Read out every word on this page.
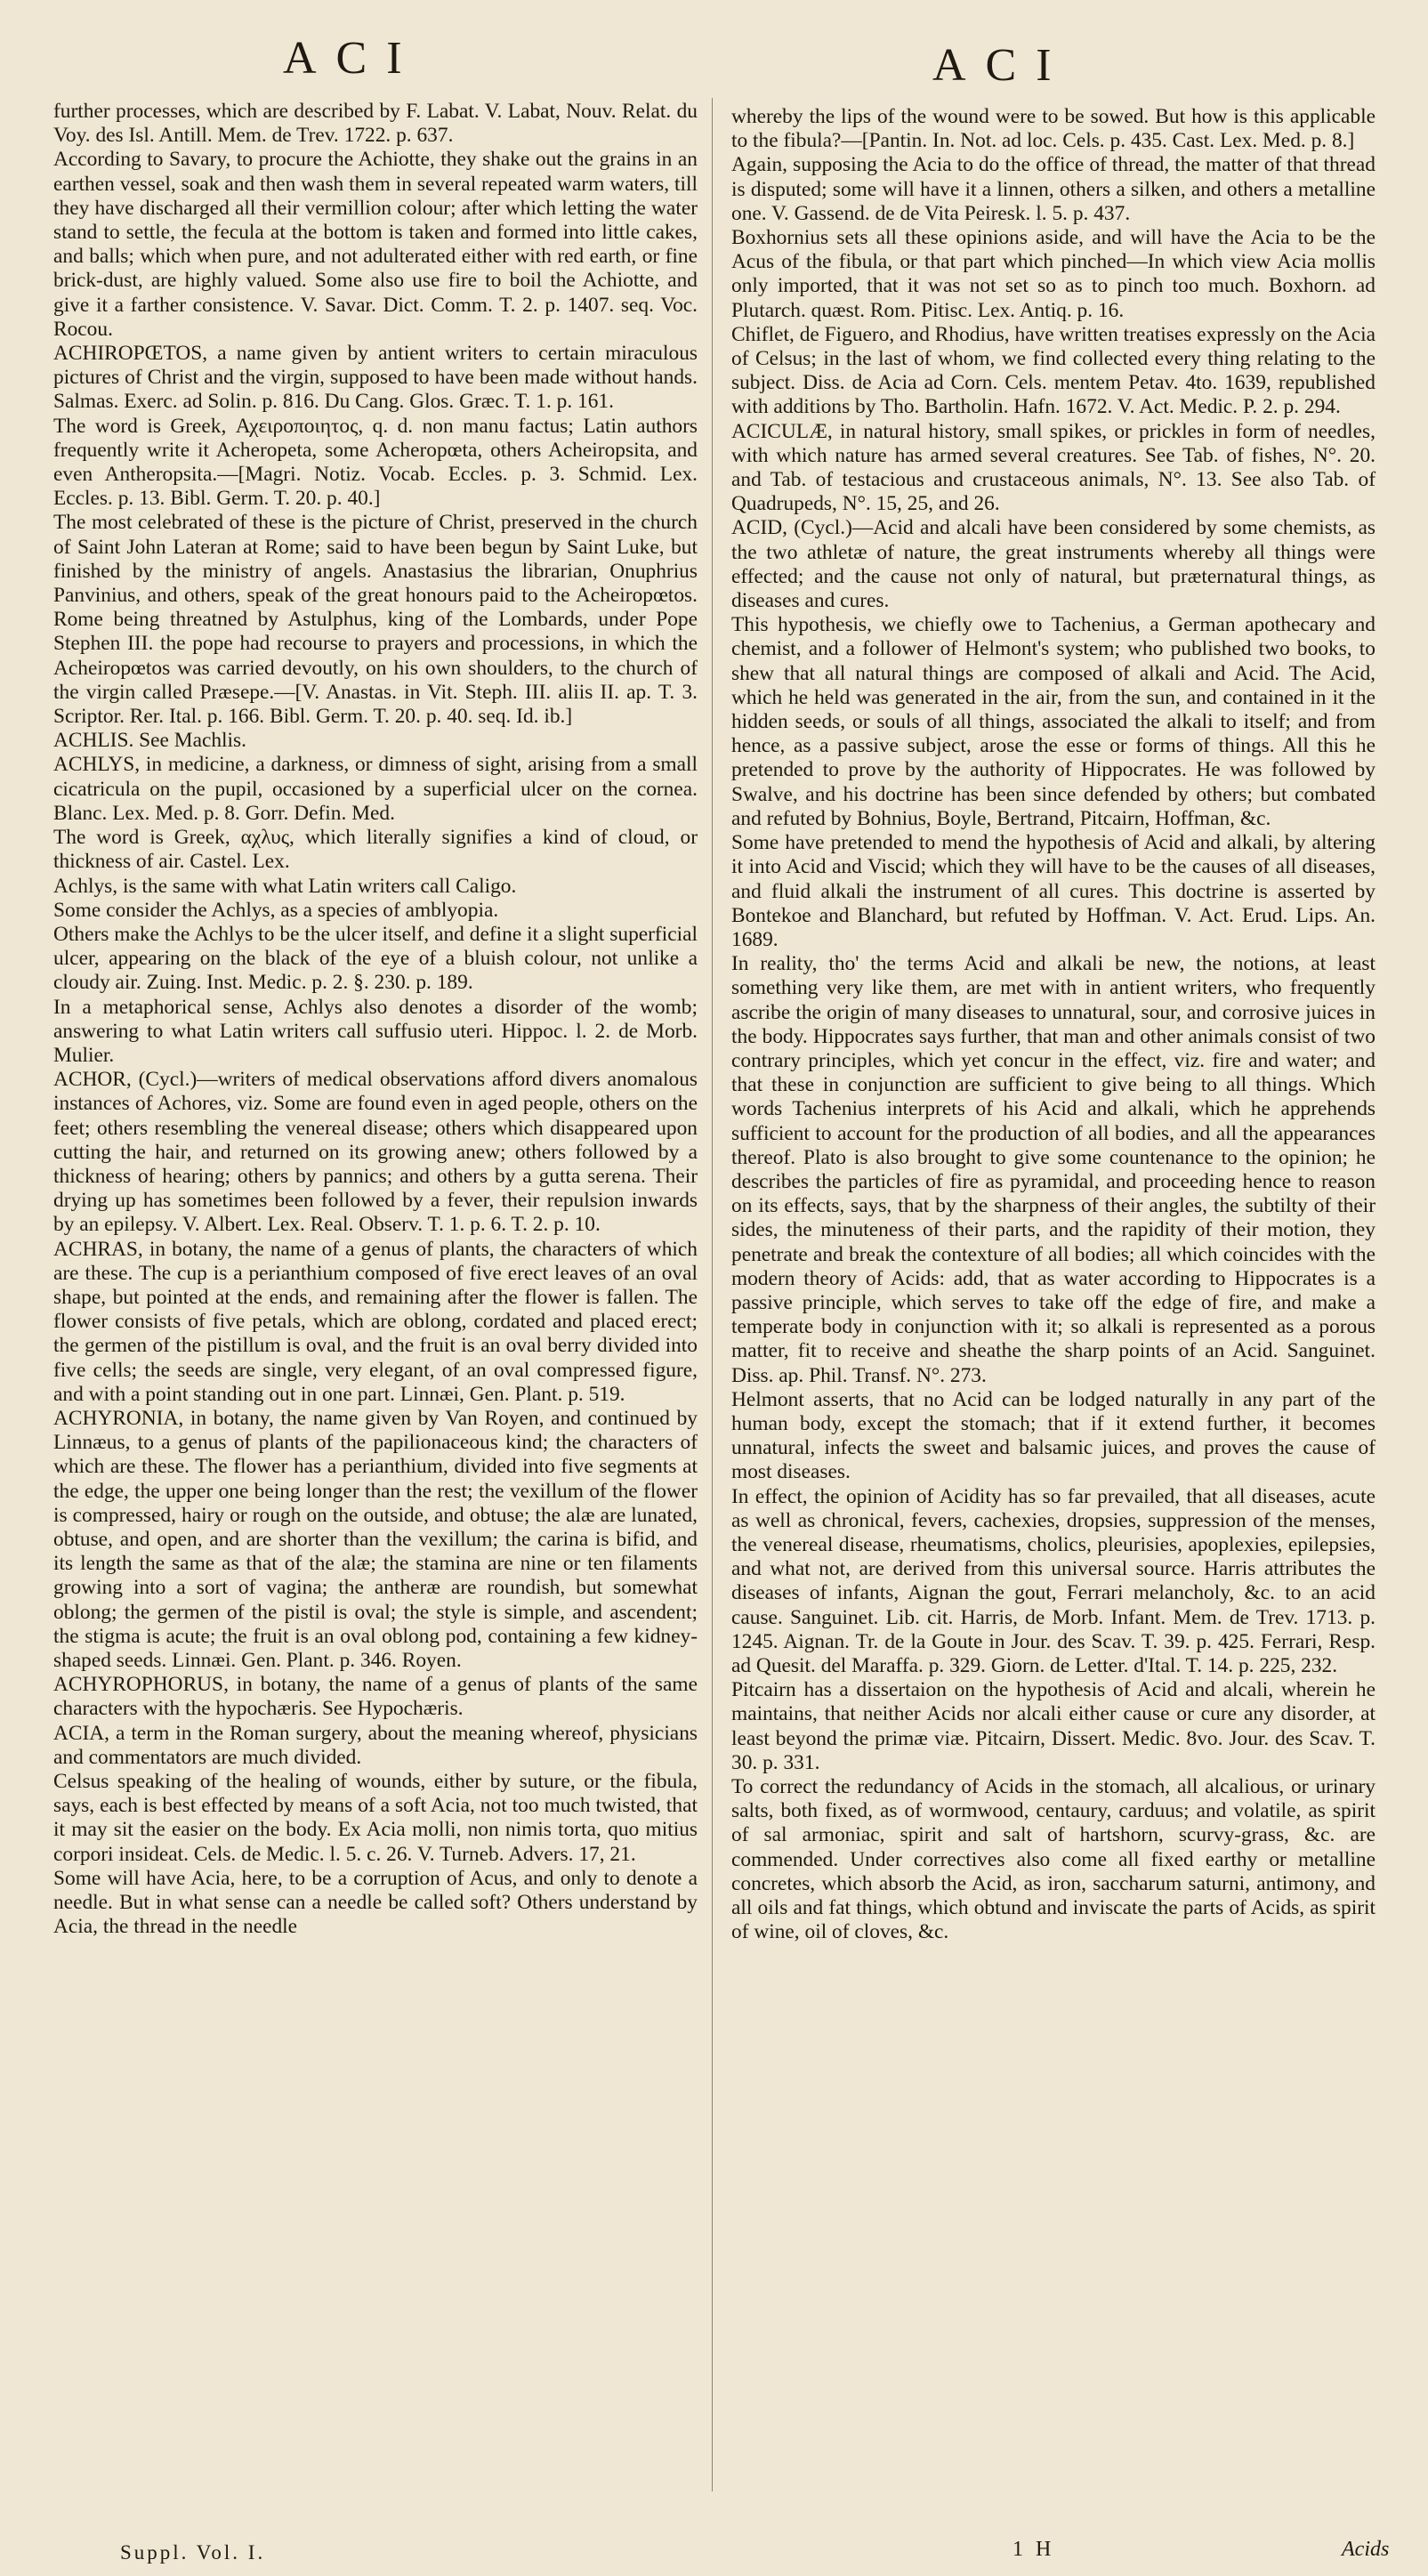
ACI	ACI

further processes, which are described by F. Labat. V. Labat, Nouv. Relat. du Voy. des Isl. Antill. Mem. de Trev. 1722. p. 637.

According to Savary, to procure the Achiotte, they shake out the grains in an earthen vessel, soak and then wash them in several repeated warm waters, till they have discharged all their vermillion colour; after which letting the water stand to settle, the fecula at the bottom is taken and formed into little cakes, and balls; which when pure, and not adulterated either with red earth, or fine brick-dust, are highly valued. Some also use fire to boil the Achiotte, and give it a farther consistence. V. Savar. Dict. Comm. T. 2. p. 1407. seq. Voc. Rocou.

ACHIROPŒTOS, a name given by antient writers to certain miraculous pictures of Christ and the virgin, supposed to have been made without hands. Salmas. Exerc. ad Solin. p. 816. Du Cang. Glos. Græc. T. 1. p. 161.

The word is Greek, Αχειροποιητος, q. d. non manu factus; Latin authors frequently write it Acheropeta, some Acheropœta, others Acheiropsita, and even Antheropsita.—[Magri. Notiz. Vocab. Eccles. p. 3. Schmid. Lex. Eccles. p. 13. Bibl. Germ. T. 20. p. 40.]

The most celebrated of these is the picture of Christ, preserved in the church of Saint John Lateran at Rome; said to have been begun by Saint Luke, but finished by the ministry of angels. Anastasius the librarian, Onuphrius Panvinius, and others, speak of the great honours paid to the Acheiropœtos. Rome being threatned by Astulphus, king of the Lombards, under Pope Stephen III. the pope had recourse to prayers and processions, in which the Acheiropœtos was carried devoutly, on his own shoulders, to the church of the virgin called Præsepe.—[V. Anastas. in Vit. Steph. III. aliis II. ap. T. 3. Scriptor. Rer. Ital. p. 166. Bibl. Germ. T. 20. p. 40. seq. Id. ib.]

ACHLIS. See Machlis.

ACHLYS, in medicine, a darkness, or dimness of sight, arising from a small cicatricula on the pupil, occasioned by a superficial ulcer on the cornea. Blanc. Lex. Med. p. 8. Gorr. Defin. Med.

The word is Greek, αχλυς, which literally signifies a kind of cloud, or thickness of air. Castel. Lex.

Achlys, is the same with what Latin writers call Caligo.

Some consider the Achlys, as a species of amblyopia.

Others make the Achlys to be the ulcer itself, and define it a slight superficial ulcer, appearing on the black of the eye of a bluish colour, not unlike a cloudy air. Zuing. Inst. Medic. p. 2. §. 230. p. 189.

In a metaphorical sense, Achlys also denotes a disorder of the womb; answering to what Latin writers call suffusio uteri. Hippoc. l. 2. de Morb. Mulier.

ACHOR, (Cycl.)—writers of medical observations afford divers anomalous instances of Achores, viz. Some are found even in aged people, others on the feet; others resembling the venereal disease; others which disappeared upon cutting the hair, and returned on its growing anew; others followed by a thickness of hearing; others by pannics; and others by a gutta serena. Their drying up has sometimes been followed by a fever, their repulsion inwards by an epilepsy. V. Albert. Lex. Real. Observ. T. 1. p. 6. T. 2. p. 10.

ACHRAS, in botany, the name of a genus of plants, the characters of which are these. The cup is a perianthium composed of five erect leaves of an oval shape, but pointed at the ends, and remaining after the flower is fallen. The flower consists of five petals, which are oblong, cordated and placed erect; the germen of the pistillum is oval, and the fruit is an oval berry divided into five cells; the seeds are single, very elegant, of an oval compressed figure, and with a point standing out in one part. Linnæi, Gen. Plant. p. 519.

ACHYRONIA, in botany, the name given by Van Royen, and continued by Linnæus, to a genus of plants of the papilionaceous kind; the characters of which are these. The flower has a perianthium, divided into five segments at the edge, the upper one being longer than the rest; the vexillum of the flower is compressed, hairy or rough on the outside, and obtuse; the alæ are lunated, obtuse, and open, and are shorter than the vexillum; the carina is bifid, and its length the same as that of the alæ; the stamina are nine or ten filaments growing into a sort of vagina; the antheræ are roundish, but somewhat oblong; the germen of the pistil is oval; the style is simple, and ascendent; the stigma is acute; the fruit is an oval oblong pod, containing a few kidney-shaped seeds. Linnæi. Gen. Plant. p. 346. Royen.

ACHYROPHORUS, in botany, the name of a genus of plants of the same characters with the hypochæris. See Hypochæris.

ACIA, a term in the Roman surgery, about the meaning whereof, physicians and commentators are much divided.

Celsus speaking of the healing of wounds, either by suture, or the fibula, says, each is best effected by means of a soft Acia, not too much twisted, that it may sit the easier on the body. Ex Acia molli, non nimis torta, quo mitius corpori insideat. Cels. de Medic. l. 5. c. 26. V. Turneb. Advers. 17, 21.

Some will have Acia, here, to be a corruption of Acus, and only to denote a needle. But in what sense can a needle be called soft? Others understand by Acia, the thread in the needle

whereby the lips of the wound were to be sowed. But how is this applicable to the fibula?—[Pantin. In. Not. ad loc. Cels. p. 435. Cast. Lex. Med. p. 8.]

Again, supposing the Acia to do the office of thread, the matter of that thread is disputed; some will have it a linnen, others a silken, and others a metalline one. V. Gassend. de de Vita Peiresk. l. 5. p. 437.

Boxhornius sets all these opinions aside, and will have the Acia to be the Acus of the fibula, or that part which pinched—In which view Acia mollis only imported, that it was not set so as to pinch too much. Boxhorn. ad Plutarch. quæst. Rom. Pitisc. Lex. Antiq. p. 16.

Chiflet, de Figuero, and Rhodius, have written treatises expressly on the Acia of Celsus; in the last of whom, we find collected every thing relating to the subject. Diss. de Acia ad Corn. Cels. mentem Petav. 4to. 1639, republished with additions by Tho. Bartholin. Hafn. 1672. V. Act. Medic. P. 2. p. 294.

ACICULÆ, in natural history, small spikes, or prickles in form of needles, with which nature has armed several creatures. See Tab. of fishes, N°. 20. and Tab. of testacious and crustaceous animals, N°. 13. See also Tab. of Quadrupeds, N°. 15, 25, and 26.

ACID, (Cycl.)—Acid and alcali have been considered by some chemists, as the two athletæ of nature, the great instruments whereby all things were effected; and the cause not only of natural, but præternatural things, as diseases and cures.

This hypothesis, we chiefly owe to Tachenius, a German apothecary and chemist, and a follower of Helmont's system; who published two books, to shew that all natural things are composed of alkali and Acid. The Acid, which he held was generated in the air, from the sun, and contained in it the hidden seeds, or souls of all things, associated the alkali to itself; and from hence, as a passive subject, arose the esse or forms of things. All this he pretended to prove by the authority of Hippocrates. He was followed by Swalve, and his doctrine has been since defended by others; but combated and refuted by Bohnius, Boyle, Bertrand, Pitcairn, Hoffman, &c.

Some have pretended to mend the hypothesis of Acid and alkali, by altering it into Acid and Viscid; which they will have to be the causes of all diseases, and fluid alkali the instrument of all cures. This doctrine is asserted by Bontekoe and Blanchard, but refuted by Hoffman. V. Act. Erud. Lips. An. 1689.

In reality, tho' the terms Acid and alkali be new, the notions, at least something very like them, are met with in antient writers, who frequently ascribe the origin of many diseases to unnatural, sour, and corrosive juices in the body. Hippocrates says further, that man and other animals consist of two contrary principles, which yet concur in the effect, viz. fire and water; and that these in conjunction are sufficient to give being to all things. Which words Tachenius interprets of his Acid and alkali, which he apprehends sufficient to account for the production of all bodies, and all the appearances thereof. Plato is also brought to give some countenance to the opinion; he describes the particles of fire as pyramidal, and proceeding hence to reason on its effects, says, that by the sharpness of their angles, the subtilty of their sides, the minuteness of their parts, and the rapidity of their motion, they penetrate and break the contexture of all bodies; all which coincides with the modern theory of Acids: add, that as water according to Hippocrates is a passive principle, which serves to take off the edge of fire, and make a temperate body in conjunction with it; so alkali is represented as a porous matter, fit to receive and sheathe the sharp points of an Acid. Sanguinet. Diss. ap. Phil. Transf. N°. 273.

Helmont asserts, that no Acid can be lodged naturally in any part of the human body, except the stomach; that if it extend further, it becomes unnatural, infects the sweet and balsamic juices, and proves the cause of most diseases.

In effect, the opinion of Acidity has so far prevailed, that all diseases, acute as well as chronical, fevers, cachexies, dropsies, suppression of the menses, the venereal disease, rheumatisms, cholics, pleurisies, apoplexies, epilepsies, and what not, are derived from this universal source. Harris attributes the diseases of infants, Aignan the gout, Ferrari melancholy, &c. to an acid cause. Sanguinet. Lib. cit. Harris, de Morb. Infant. Mem. de Trev. 1713. p. 1245. Aignan. Tr. de la Goute in Jour. des Scav. T. 39. p. 425. Ferrari, Resp. ad Quesit. del Maraffa. p. 329. Giorn. de Letter. d'Ital. T. 14. p. 225, 232.

Pitcairn has a dissertaion on the hypothesis of Acid and alcali, wherein he maintains, that neither Acids nor alcali either cause or cure any disorder, at least beyond the primæ viæ. Pitcairn, Dissert. Medic. 8vo. Jour. des Scav. T. 30. p. 331.

To correct the redundancy of Acids in the stomach, all alcalious, or urinary salts, both fixed, as of wormwood, centaury, carduus; and volatile, as spirit of sal armoniac, spirit and salt of hartshorn, scurvy-grass, &c. are commended. Under correctives also come all fixed earthy or metalline concretes, which absorb the Acid, as iron, saccharum saturni, antimony, and all oils and fat things, which obtund and inviscate the parts of Acids, as spirit of wine, oil of cloves, &c.

Suppl. Vol. I.	1 H	Acids
